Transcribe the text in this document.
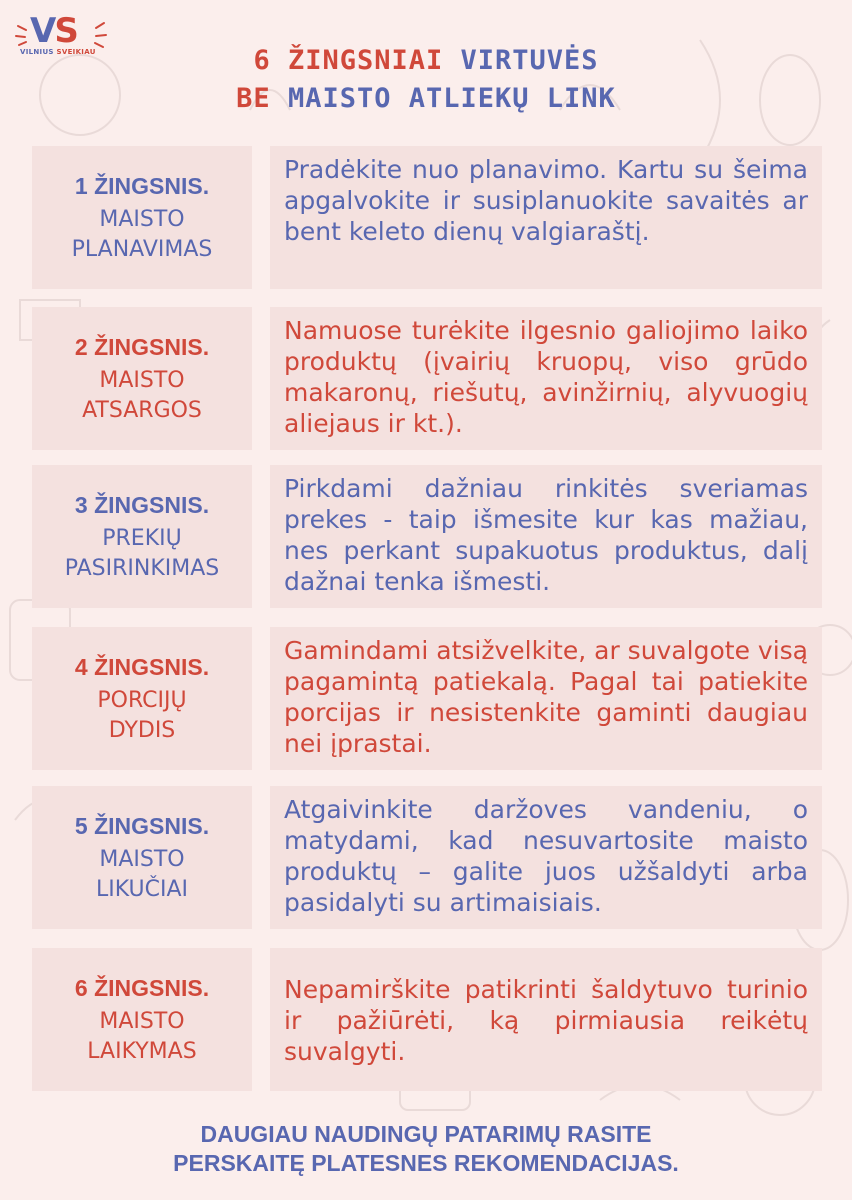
VS
VILNIUS SVEIKIAU	6 ŽINGSNIAI VIRTUVĖS
BE MAISTO ATLIEKŲ LINK
1 ŽINGSNIS.
MAISTO
PLANAVIMAS
Pradėkite nuo planavimo. Kartu su šeima apgalvokite ir susiplanuokite savaitės ar bent keleto dienų valgiaraštį.
2 ŽINGSNIS.
MAISTO
ATSARGOS
Namuose turėkite ilgesnio galiojimo laiko produktų (įvairių kruopų, viso grūdo makaronų, riešutų, avinžirnių, alyvuogių aliejaus ir kt.).
3 ŽINGSNIS.
PREKIŲ
PASIRINKIMAS
Pirkdami dažniau rinkitės sveriamas prekes - taip išmesite kur kas mažiau, nes perkant supakuotus produktus, dalį dažnai tenka išmesti.
4 ŽINGSNIS.
PORCIJŲ
DYDIS
Gamindami atsižvelkite, ar suvalgote visą pagamintą patiekalą. Pagal tai patiekite porcijas ir nesistenkite gaminti daugiau nei įprastai.
5 ŽINGSNIS.
MAISTO
LIKUČIAI
Atgaivinkite daržoves vandeniu, o matydami, kad nesuvartosite maisto produktų – galite juos užšaldyti arba pasidalyti su artimaisiais.
6 ŽINGSNIS.
MAISTO
LAIKYMAS
Nepamirškite patikrinti šaldytuvo turinio ir pažiūrėti, ką pirmiausia reikėtų suvalgyti.
DAUGIAU NAUDINGŲ PATARIMŲ RASITE
PERSKAITĘ PLATESNES REKOMENDACIJAS.
